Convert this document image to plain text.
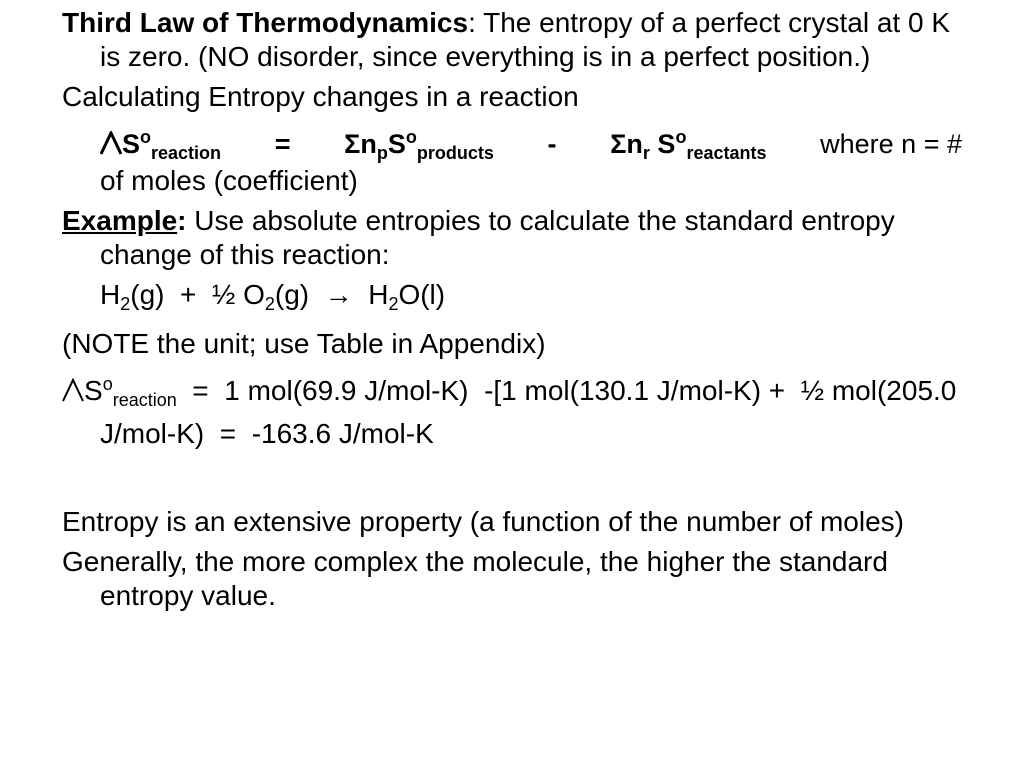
Third Law of Thermodynamics: The entropy of a perfect crystal at 0 K is zero. (NO disorder, since everything is in a perfect position.)
Calculating Entropy changes in a reaction
$S^o_{reaction} = \Sigma n_pS^o_{products} - \Sigma n_r$ $S^o_{reactants}$ where n = #
of moles (coefficient)
Example: Use absolute entropies to calculate the standard entropy change of this reaction:
$H_2(g)$  +  ½ $O_2(g) \to H_2O(l)$
(NOTE the unit; use Table in Appendix)
$S^o_{reaction} = 1$ mol(69.9 J/mol-K)  -[1 mol(130.1 J/mol-K) +  ½ mol(205.0 J/mol-K)  =  -163.6 J/mol-K
Entropy is an extensive property (a function of the number of moles)
Generally, the more complex the molecule, the higher the standard entropy value.
